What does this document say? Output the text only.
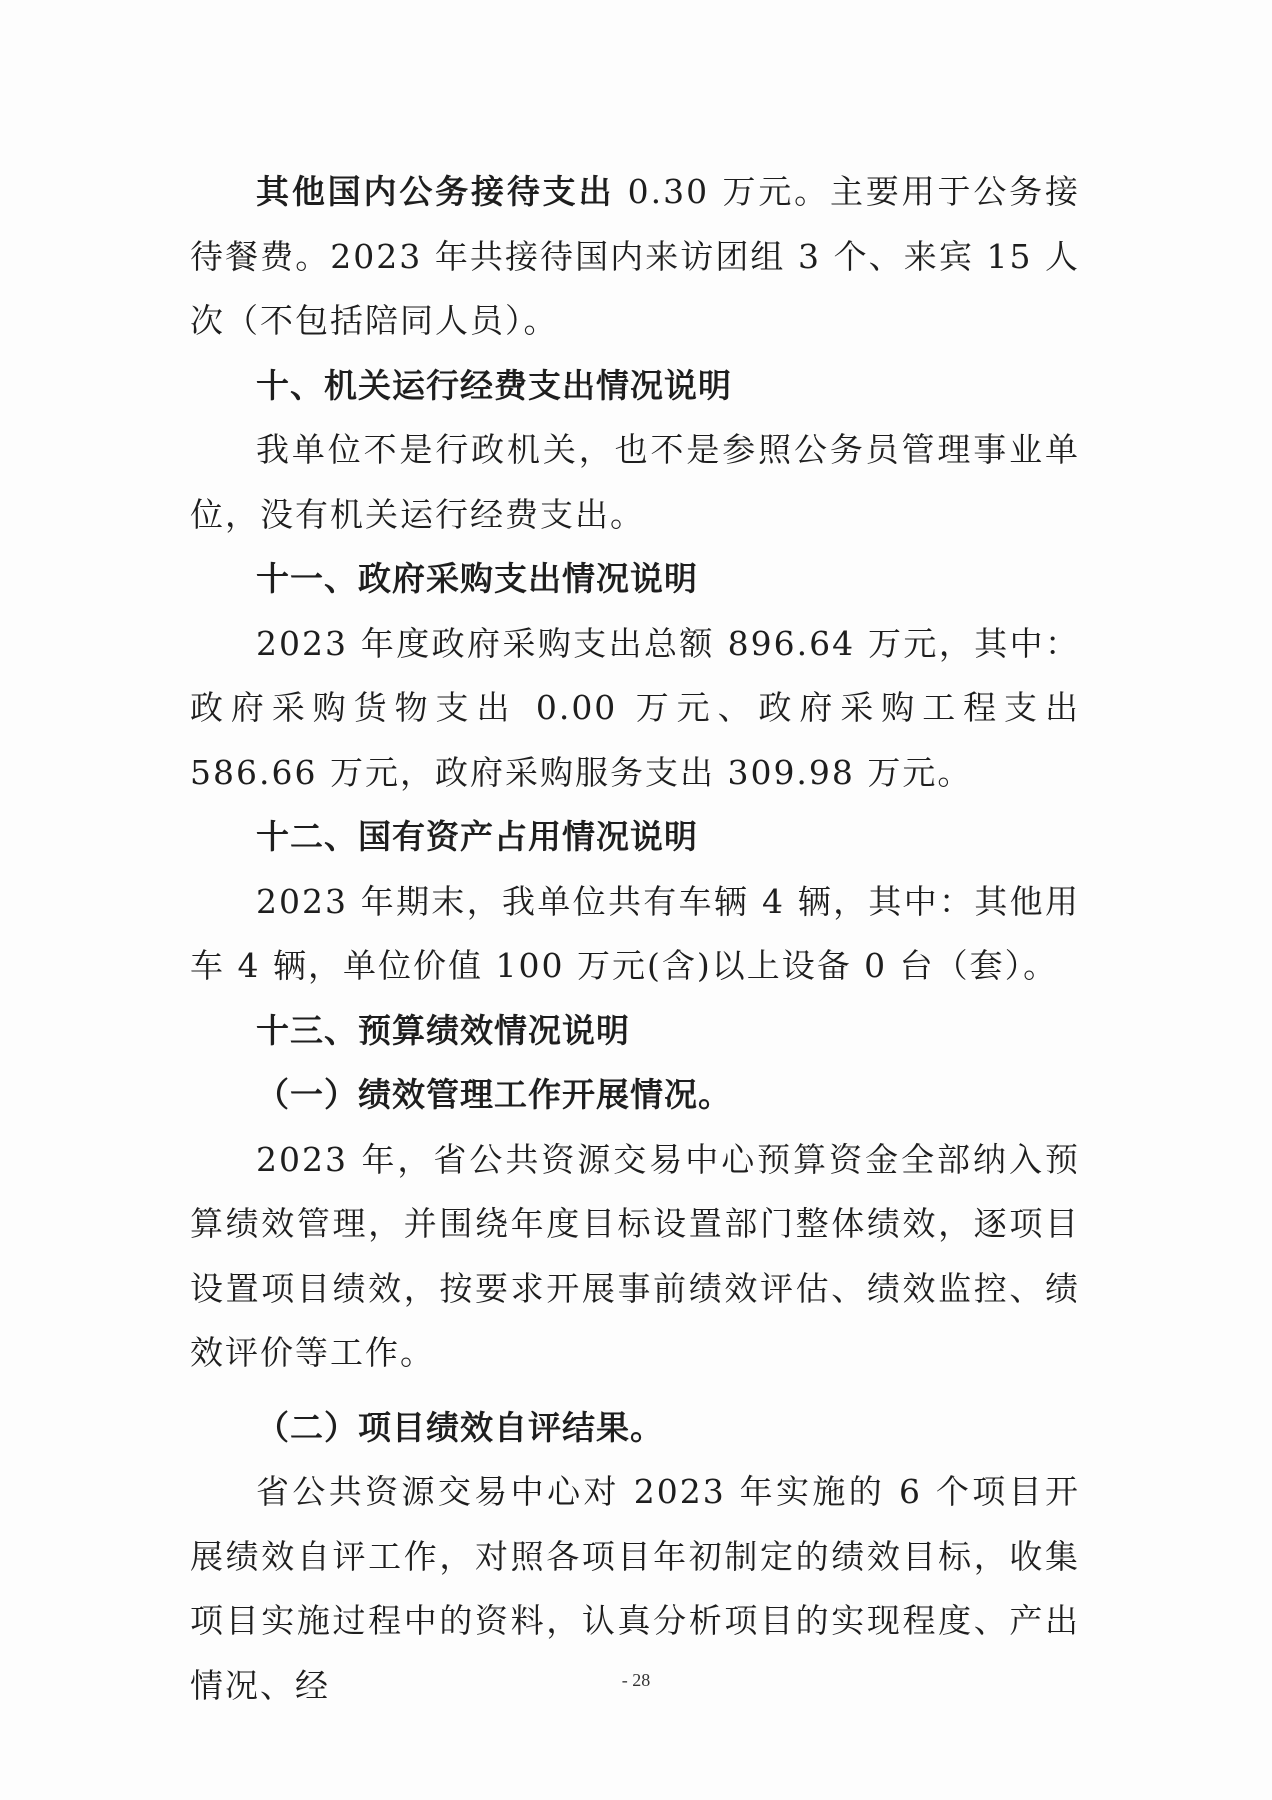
其他国内公务接待支出 0.30 万元。主要用于公务接待餐费。2023 年共接待国内来访团组 3 个、来宾 15 人次（不包括陪同人员）。

十、机关运行经费支出情况说明

我单位不是行政机关，也不是参照公务员管理事业单位，没有机关运行经费支出。

十一、政府采购支出情况说明

2023 年度政府采购支出总额 896.64 万元，其中：政府采购货物支出 0.00 万元、政府采购工程支出 586.66 万元，政府采购服务支出 309.98 万元。

十二、国有资产占用情况说明

2023 年期末，我单位共有车辆 4 辆，其中：其他用车 4 辆，单位价值 100 万元(含)以上设备 0 台（套）。

十三、预算绩效情况说明

（一）绩效管理工作开展情况。

2023 年，省公共资源交易中心预算资金全部纳入预算绩效管理，并围绕年度目标设置部门整体绩效，逐项目设置项目绩效，按要求开展事前绩效评估、绩效监控、绩效评价等工作。

（二）项目绩效自评结果。

省公共资源交易中心对 2023 年实施的 6 个项目开展绩效自评工作，对照各项目年初制定的绩效目标，收集项目实施过程中的资料，认真分析项目的实现程度、产出情况、经	- 28
